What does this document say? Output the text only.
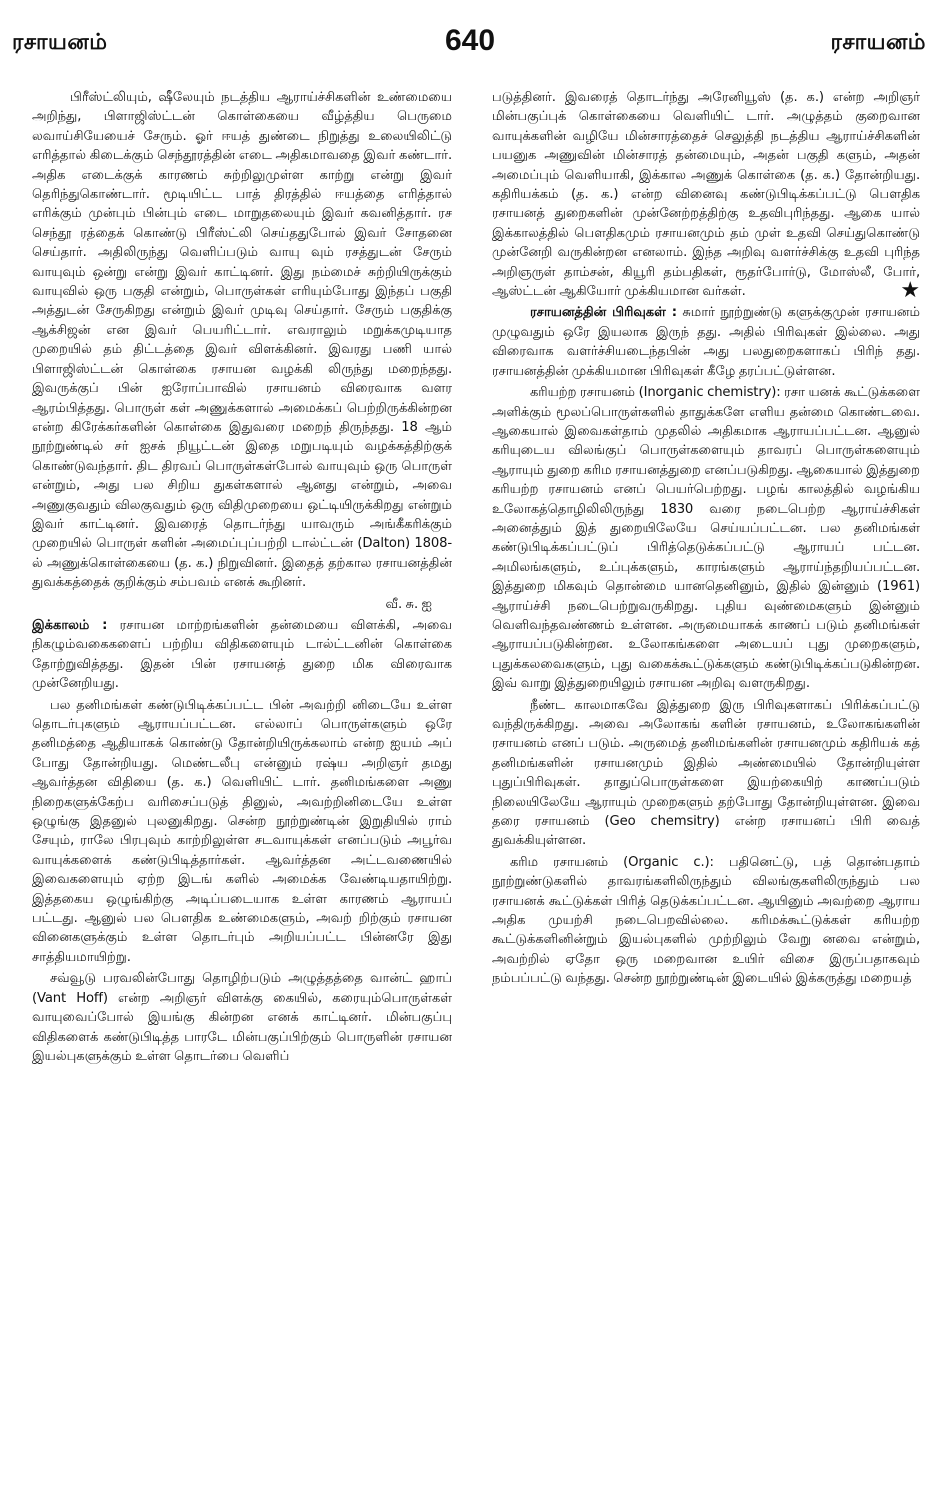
ரசாயனம்	640	ரசாயனம்

பிரீஸ்ட்லியும், ஷீலேயும் நடத்திய ஆராய்ச்சிகளின் உண்மையை அறிந்து, பிளாஜிஸ்ட்டன் கொள்கையை வீழ்த்திய பெருமை லவாய்சியேயைச் சேரும். ஓர் ஈயத் துண்டை நிறுத்து உலையிலிட்டு எரித்தால் கிடைக்கும் செந்தூரத்தின் எடை அதிகமாவதை இவர் கண்டார். அதிக எடைக்குக் காரணம் சுற்றிலுமுள்ள காற்று என்று இவர் தெரிந்துகொண்டார். மூடியிட்ட பாத் திரத்தில் ஈயத்தை எரித்தால் எரிக்கும் முன்பும் பின்பும் எடை மாறுதலையும் இவர் கவனித்தார். ரச செந்தூ ரத்தைக் கொண்டு பிரீஸ்ட்லி செய்ததுபோல் இவர் சோதனை செய்தார். அதிலிருந்து வெளிப்படும் வாயு வும் ரசத்துடன் சேரும் வாயுவும் ஒன்று என்று இவர் காட்டினர். இது நம்மைச் சுற்றியிருக்கும் வாயுவில் ஒரு பகுதி என்றும், பொருள்கள் எரியும்போது இந்தப் பகுதி அத்துடன் சேருகிறது என்றும் இவர் முடிவு செய்தார். சேரும் பகுதிக்கு ஆக்சிஜன் என இவர் பெயரிட்டார். எவராலும் மறுக்கமுடியாத முறையில் தம் திட்டத்தை இவர் விளக்கினர். இவரது பணி யால் பிளாஜிஸ்ட்டன் கொள்கை ரசாயன வழக்கி லிருந்து மறைந்தது. இவருக்குப் பின் ஐரோப்பாவில் ரசாயனம் விரைவாக வளர ஆரம்பித்தது. பொருள் கள் அணுக்களால் அமைக்கப் பெற்றிருக்கின்றன என்ற கிரேக்கர்களின் கொள்கை இதுவரை மறைந் திருந்தது. 18 ஆம் நூற்றுண்டில் சர் ஐசக் நியூட்டன் இதை மறுபடியும் வழக்கத்திற்குக் கொண்டுவந்தார். திட திரவப் பொருள்கள்போல் வாயுவும் ஒரு பொருள் என்றும், அது பல சிறிய துகள்களால் ஆனது என்றும், அவை அணுகுவதும் விலகுவதும் ஒரு விதிமுறையை ஒட்டியிருக்கிறது என்றும் இவர் காட்டினர். இவரைத் தொடர்ந்து யாவரும் அங்கீகரிக்கும் முறையில் பொருள் களின் அமைப்புப்பற்றி டால்ட்டன் (Dalton) 1808-ல் அணுக்கொள்கையை (த. க.) நிறுவினர். இதைத் தற்கால ரசாயனத்தின் துவக்கத்தைக் குறிக்கும் சம்பவம் எனக் கூறினர்.

வீ. சு. ஐ

இக்காலம் : ரசாயன மாற்றங்களின் தன்மையை விளக்கி, அவை நிகழும்வகைகளைப் பற்றிய விதிகளையும் டால்ட்டனின் கொள்கை தோற்றுவித்தது. இதன் பின் ரசாயனத் துறை மிக விரைவாக முன்னேறியது.

பல தனிமங்கள் கண்டுபிடிக்கப்பட்ட பின் அவற்றி னிடையே உள்ள தொடர்புகளும் ஆராயப்பட்டன. எல்லாப் பொருள்களும் ஒரே தனிமத்தை ஆதியாகக் கொண்டு தோன்றியிருக்கலாம் என்ற ஐயம் அப் போது தோன்றியது. மெண்டலீபு என்னும் ரஷ்ய அறிஞர் தமது ஆவர்த்தன விதியை (த. க.) வெளியிட் டார். தனிமங்களை அணு நிறைகளுக்கேற்ப வரிசைப்படுத் தினுல், அவற்றினிடையே உள்ள ஒழுங்கு இதனுல் புலனுகிறது. சென்ற நூற்றுண்டின் இறுதியில் ராம் சேயும், ராலே பிரபுவும் காற்றிலுள்ள சடவாயுக்கள் எனப்படும் அபூர்வ வாயுக்களைக் கண்டுபிடித்தார்கள். ஆவர்த்தன அட்டவணையில் இவைகளையும் ஏற்ற இடங் களில் அமைக்க வேண்டியதாயிற்று. இத்தகைய ஒழுங்கிற்கு அடிப்படையாக உள்ள காரணம் ஆராயப் பட்டது. ஆனுல் பல பௌதிக உண்மைகளும், அவற் றிற்கும் ரசாயன வினைகளுக்கும் உள்ள தொடர்பும் அறியப்பட்ட பின்னரே இது சாத்தியமாயிற்று.

சவ்வூடு பரவலின்போது தொழிற்படும் அழுத்தத்தை வான்ட் ஹாப் (Vant Hoff) என்ற அறிஞர் விளக்கு கையில், கரையும்பொருள்கள் வாயுவைப்போல் இயங்கு கின்றன எனக் காட்டினர். மின்பகுப்பு விதிகளைக் கண்டுபிடித்த பாரடே மின்பகுப்பிற்கும் பொருளின் ரசாயன இயல்புகளுக்கும் உள்ள தொடர்பை வெளிப்

படுத்தினர். இவரைத் தொடர்ந்து அரேனியூஸ் (த. க.) என்ற அறிஞர் மின்பகுப்புக் கொள்கையை வெளியிட் டார். அழுத்தம் குறைவான வாயுக்களின் வழியே மின்சாரத்தைச் செலுத்தி நடத்திய ஆராய்ச்சிகளின் பயனுக அணுவின் மின்சாரத் தன்மையும், அதன் பகுதி களும், அதன் அமைப்பும் வெளியாகி, இக்கால அணுக் கொள்கை (த. க.) தோன்றியது. கதிரியக்கம் (த. க.) என்ற வினைவு கண்டுபிடிக்கப்பட்டு பௌதிக ரசாயனத் துறைகளின் முன்னேற்றத்திற்கு உதவிபுரிந்தது. ஆகை யால் இக்காலத்தில் பௌதிகமும் ரசாயனமும் தம் முள் உதவி செய்துகொண்டு முன்னேறி வருகின்றன எனலாம். இந்த அறிவு வளர்ச்சிக்கு உதவி புரிந்த அறிஞருள் தாம்சன், கியூரி தம்பதிகள், ரூதர்போர்டு, மோஸ்லீ, போர், ஆஸ்ட்டன் ஆகியோர் முக்கியமான வர்கள்.	★

ரசாயனத்தின் பிரிவுகள் : சுமார் நூற்றுண்டு களுக்குமுன் ரசாயனம் முழுவதும் ஒரே இயலாக இருந் தது. அதில் பிரிவுகள் இல்லை. அது விரைவாக வளர்ச்சியடைந்தபின் அது பலதுறைகளாகப் பிரிந் தது. ரசாயனத்தின் முக்கியமான பிரிவுகள் கீழே தரப்பட்டுள்ளன.

கரியற்ற ரசாயனம் (Inorganic chemistry): ரசா யனக் கூட்டுக்களை அளிக்கும் மூலப்பொருள்களில் தாதுக்களே எளிய தன்மை கொண்டவை. ஆகையால் இவைகள்தாம் முதலில் அதிகமாக ஆராயப்பட்டன. ஆனுல் கரியுடைய விலங்குப் பொருள்களையும் தாவரப் பொருள்களையும் ஆராயும் துறை கரிம ரசாயனத்துறை எனப்படுகிறது. ஆகையால் இத்துறை கரியற்ற ரசாயனம் எனப் பெயர்பெற்றது. பழங் காலத்தில் வழங்கிய உலோகத்தொழிலிலிருந்து 1830 வரை நடைபெற்ற ஆராய்ச்சிகள் அனைத்தும் இத் துறையிலேயே செய்யப்பட்டன. பல தனிமங்கள் கண்டுபிடிக்கப்பட்டுப் பிரித்தெடுக்கப்பட்டு ஆராயப் பட்டன. அமிலங்களும், உப்புக்களும், காரங்களும் ஆராய்ந்தறியப்பட்டன. இத்துறை மிகவும் தொன்மை யானதெனினும், இதில் இன்னும் (1961) ஆராய்ச்சி நடைபெற்றுவருகிறது. புதிய வுண்மைகளும் இன்னும் வெளிவந்தவண்ணம் உள்ளன. அருமையாகக் காணப் படும் தனிமங்கள் ஆராயப்படுகின்றன. உலோகங்களை அடையப் புது முறைகளும், புதுக்கலவைகளும், புது வகைக்கூட்டுக்களும் கண்டுபிடிக்கப்படுகின்றன. இவ் வாறு இத்துறையிலும் ரசாயன அறிவு வளருகிறது.

நீண்ட காலமாகவே இத்துறை இரு பிரிவுகளாகப் பிரிக்கப்பட்டு வந்திருக்கிறது. அவை அலோகங் களின் ரசாயனம், உலோகங்களின் ரசாயனம் எனப் படும். அருமைத் தனிமங்களின் ரசாயனமும் கதிரியக் கத் தனிமங்களின் ரசாயனமும் இதில் அண்மையில் தோன்றியுள்ள புதுப்பிரிவுகள். தாதுப்பொருள்களை இயற்கையிற் காணப்படும் நிலையிலேயே ஆராயும் முறைகளும் தற்போது தோன்றியுள்ளன. இவை தரை ரசாயனம் (Geo chemsitry) என்ற ரசாயனப் பிரி வைத் துவக்கியுள்ளன.

கரிம ரசாயனம் (Organic c.): பதினெட்டு, பத் தொன்பதாம் நூற்றுண்டுகளில் தாவரங்களிலிருந்தும் விலங்குகளிலிருந்தும் பல ரசாயனக் கூட்டுக்கள் பிரித் தெடுக்கப்பட்டன. ஆயினும் அவற்றை ஆராய அதிக முயற்சி நடைபெறவில்லை. கரிமக்கூட்டுக்கள் கரியற்ற கூட்டுக்களினின்றும் இயல்புகளில் முற்றிலும் வேறு னவை என்றும், அவற்றில் ஏதோ ஒரு மறைவான உயிர் விசை இருப்பதாகவும் நம்பப்பட்டு வந்தது. சென்ற நூற்றுண்டின் இடையில் இக்கருத்து மறையத்
